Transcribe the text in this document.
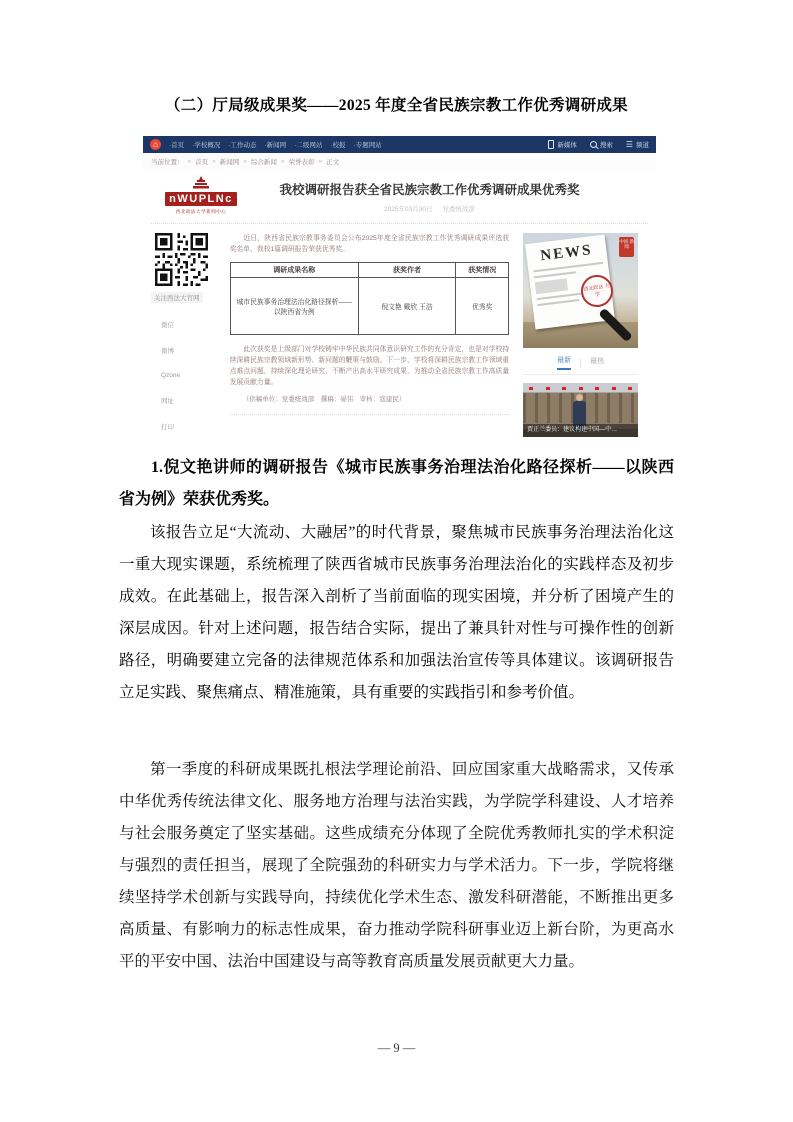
（二）厅局级成果奖——2025 年度全省民族宗教工作优秀调研成果
⌂	·首页 ·学校概况 ·工作动态 ·新闻网 ·二级网站 ·校报 ·专题网站	新媒体	搜索 ☰ 频道
当前位置： » 首页 » 新闻网 » 综合新闻 » 荣誉表彰 » 正文
nWUPLNc
西北政法大学新闻中心
我校调研报告获全省民族宗教工作优秀调研成果优秀奖
2025年03月30日 党委统战部
关注西法大官网
微信
微博
Qzone
网址
打印

近日，陕西省民族宗教事务委员会公布2025年度全省民族宗教工作优秀调研成果评选获奖名单，我校1篇调研报告荣获优秀奖。

调研成果名称	获奖作者	获奖情况
城市民族事务治理法治化路径探析——以陕西省为例	倪文艳 戴欣 王浩	优秀奖

此次获奖是上级部门对学校铸牢中华民族共同体意识研究工作的充分肯定，也是对学校持续深耕民族宗教领域新形势、新问题的鞭策与鼓励。下一步，学校将深耕民族宗教工作领域重点难点问题，持续深化理论研究，不断产出高水平研究成果，为推动全省民族宗教工作高质量发展贡献力量。

（供稿单位：党委统战部　撰稿：晏伟　审核：寇建民）

NEWS
西北政法 大学
中国 新闻
最新	最热
贾正兰委员：建议构建中国—中…

1.倪文艳讲师的调研报告《城市民族事务治理法治化路径探析——以陕西省为例》荣获优秀奖。

该报告立足“大流动、大融居”的时代背景，聚焦城市民族事务治理法治化这一重大现实课题，系统梳理了陕西省城市民族事务治理法治化的实践样态及初步成效。在此基础上，报告深入剖析了当前面临的现实困境，并分析了困境产生的深层成因。针对上述问题，报告结合实际，提出了兼具针对性与可操作性的创新路径，明确要建立完备的法律规范体系和加强法治宣传等具体建议。该调研报告立足实践、聚焦痛点、精准施策，具有重要的实践指引和参考价值。

第一季度的科研成果既扎根法学理论前沿、回应国家重大战略需求，又传承中华优秀传统法律文化、服务地方治理与法治实践，为学院学科建设、人才培养与社会服务奠定了坚实基础。这些成绩充分体现了全院优秀教师扎实的学术积淀与强烈的责任担当，展现了全院强劲的科研实力与学术活力。下一步，学院将继续坚持学术创新与实践导向，持续优化学术生态、激发科研潜能，不断推出更多高质量、有影响力的标志性成果，奋力推动学院科研事业迈上新台阶，为更高水平的平安中国、法治中国建设与高等教育高质量发展贡献更大力量。

— 9 —
